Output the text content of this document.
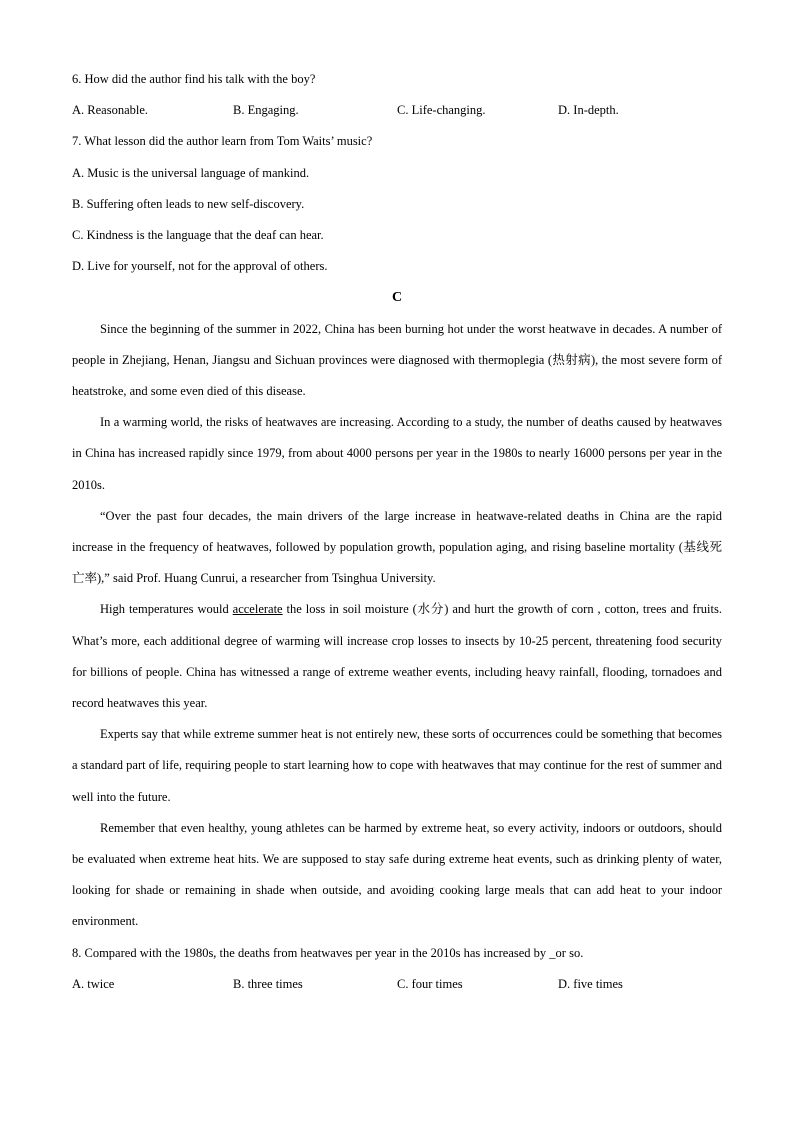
6. How did the author find his talk with the boy?
A. Reasonable.	B. Engaging.	C. Life-changing.	D. In-depth.
7. What lesson did the author learn from Tom Waits’ music?
A. Music is the universal language of mankind.
B. Suffering often leads to new self-discovery.
C. Kindness is the language that the deaf can hear.
D. Live for yourself, not for the approval of others.
C

Since the beginning of the summer in 2022, China has been burning hot under the worst heatwave in decades. A number of people in Zhejiang, Henan, Jiangsu and Sichuan provinces were diagnosed with thermoplegia (热射病), the most severe form of heatstroke, and some even died of this disease.

In a warming world, the risks of heatwaves are increasing. According to a study, the number of deaths caused by heatwaves in China has increased rapidly since 1979, from about 4000 persons per year in the 1980s to nearly 16000 persons per year in the 2010s.

“Over the past four decades, the main drivers of the large increase in heatwave-related deaths in China are the rapid increase in the frequency of heatwaves, followed by population growth, population aging, and rising baseline mortality (基线死亡率),” said Prof. Huang Cunrui, a researcher from Tsinghua University.

High temperatures would accelerate the loss in soil moisture (水分) and hurt the growth of corn , cotton, trees and fruits. What’s more, each additional degree of warming will increase crop losses to insects by 10-25 percent, threatening food security for billions of people. China has witnessed a range of extreme weather events, including heavy rainfall, flooding, tornadoes and record heatwaves this year.

Experts say that while extreme summer heat is not entirely new, these sorts of occurrences could be something that becomes a standard part of life, requiring people to start learning how to cope with heatwaves that may continue for the rest of summer and well into the future.

Remember that even healthy, young athletes can be harmed by extreme heat, so every activity, indoors or outdoors, should be evaluated when extreme heat hits. We are supposed to stay safe during extreme heat events, such as drinking plenty of water, looking for shade or remaining in shade when outside, and avoiding cooking large meals that can add heat to your indoor environment.

8. Compared with the 1980s, the deaths from heatwaves per year in the 2010s has increased by _or so.
A. twice	B. three times	C. four times	D. five times
